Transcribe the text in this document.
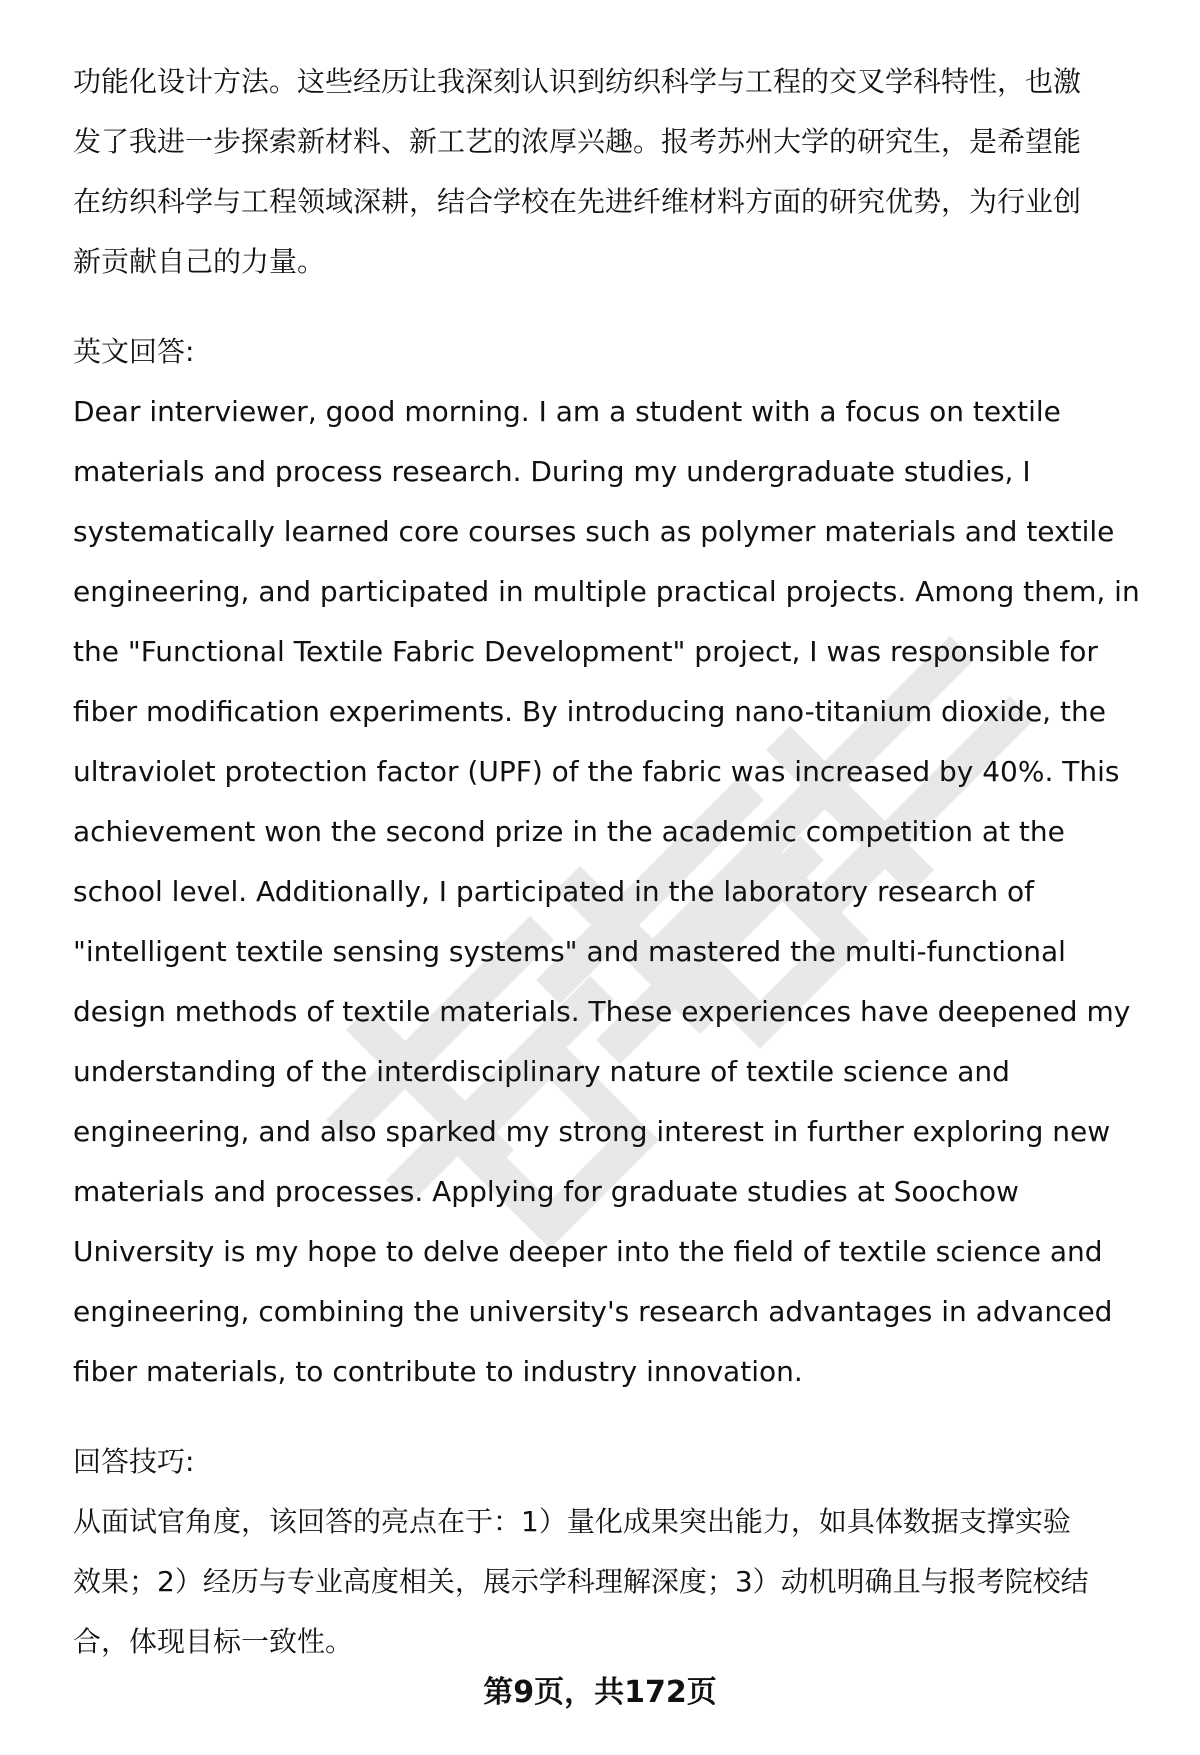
功能化设计方法。这些经历让我深刻认识到纺织科学与工程的交叉学科特性，也激
发了我进一步探索新材料、新工艺的浓厚兴趣。报考苏州大学的研究生，是希望能
在纺织科学与工程领域深耕，结合学校在先进纤维材料方面的研究优势，为行业创
新贡献自己的力量。
英文回答:
Dear interviewer, good morning. I am a student with a focus on textile
materials and process research. During my undergraduate studies, I
systematically learned core courses such as polymer materials and textile
engineering, and participated in multiple practical projects. Among them, in
the "Functional Textile Fabric Development" project, I was responsible for
fiber modification experiments. By introducing nano-titanium dioxide, the
ultraviolet protection factor (UPF) of the fabric was increased by 40%. This
achievement won the second prize in the academic competition at the
school level. Additionally, I participated in the laboratory research of
"intelligent textile sensing systems" and mastered the multi-functional
design methods of textile materials. These experiences have deepened my
understanding of the interdisciplinary nature of textile science and
engineering, and also sparked my strong interest in further exploring new
materials and processes. Applying for graduate studies at Soochow
University is my hope to delve deeper into the field of textile science and
engineering, combining the university's research advantages in advanced
fiber materials, to contribute to industry innovation.
回答技巧:
从面试官角度，该回答的亮点在于：1）量化成果突出能力，如具体数据支撑实验
效果；2）经历与专业高度相关，展示学科理解深度；3）动机明确且与报考院校结
合，体现目标一致性。
第9页，共172页
